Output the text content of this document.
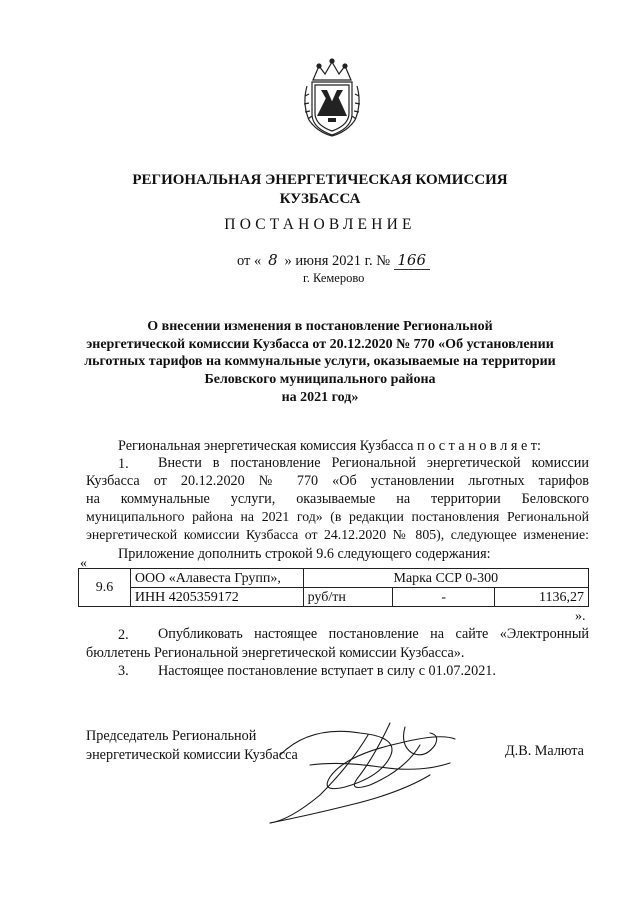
РЕГИОНАЛЬНАЯ ЭНЕРГЕТИЧЕСКАЯ КОМИССИЯ
КУЗБАССА
ПОСТАНОВЛЕНИЕ
от « 8 » июня 2021 г. № 166
г. Кемерово
О внесении изменения в постановление Региональной
энергетической комиссии Кузбасса от 20.12.2020 № 770 «Об установлении
льготных тарифов на коммунальные услуги, оказываемые на территории
Беловского муниципального района
на 2021 год»
Региональная энергетическая комиссия Кузбасса п о с т а н о в л я е т:
1. Внести в постановление Региональной энергетической комиссии
Кузбасса от 20.12.2020 № 770 «Об установлении льготных тарифов
на коммунальные услуги, оказываемые на территории Беловского
муниципального района на 2021 год» (в редакции постановления Региональной
энергетической комиссии Кузбасса от 24.12.2020 № 805), следующее изменение:
Приложение дополнить строкой 9.6 следующего содержания:
«
9.6	ООО «Алавеста Групп»,	Марка ССР 0-300		
	ИНН 4205359172	руб/тн	-	1136,27
».
2. Опубликовать настоящее постановление на сайте «Электронный
бюллетень Региональной энергетической комиссии Кузбасса».
3. Настоящее постановление вступает в силу с 01.07.2021.
Председатель Региональной
энергетической комиссии Кузбасса	Д.В. Малюта
